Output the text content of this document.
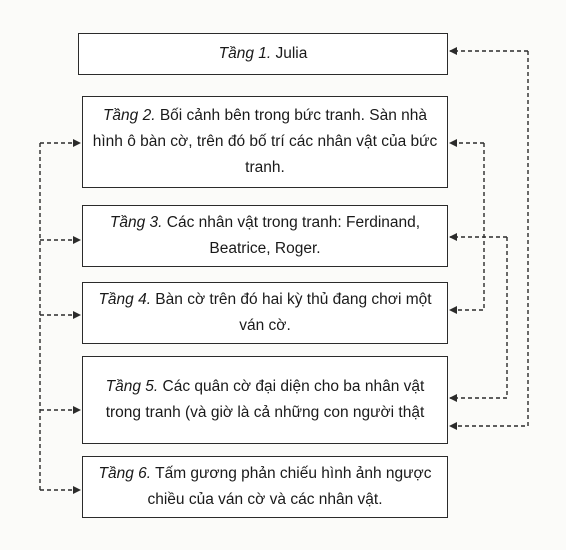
Tầng 1. Julia
Tầng 2. Bối cảnh bên trong bức tranh. Sàn nhà hình ô bàn cờ, trên đó bố trí các nhân vật của bức tranh.
Tầng 3. Các nhân vật trong tranh: Ferdinand, Beatrice, Roger.
Tầng 4. Bàn cờ trên đó hai kỳ thủ đang chơi một ván cờ.
Tầng 5. Các quân cờ đại diện cho ba nhân vật trong tranh (và giờ là cả những con người thật
Tầng 6. Tấm gương phản chiếu hình ảnh ngược chiều của ván cờ và các nhân vật.
